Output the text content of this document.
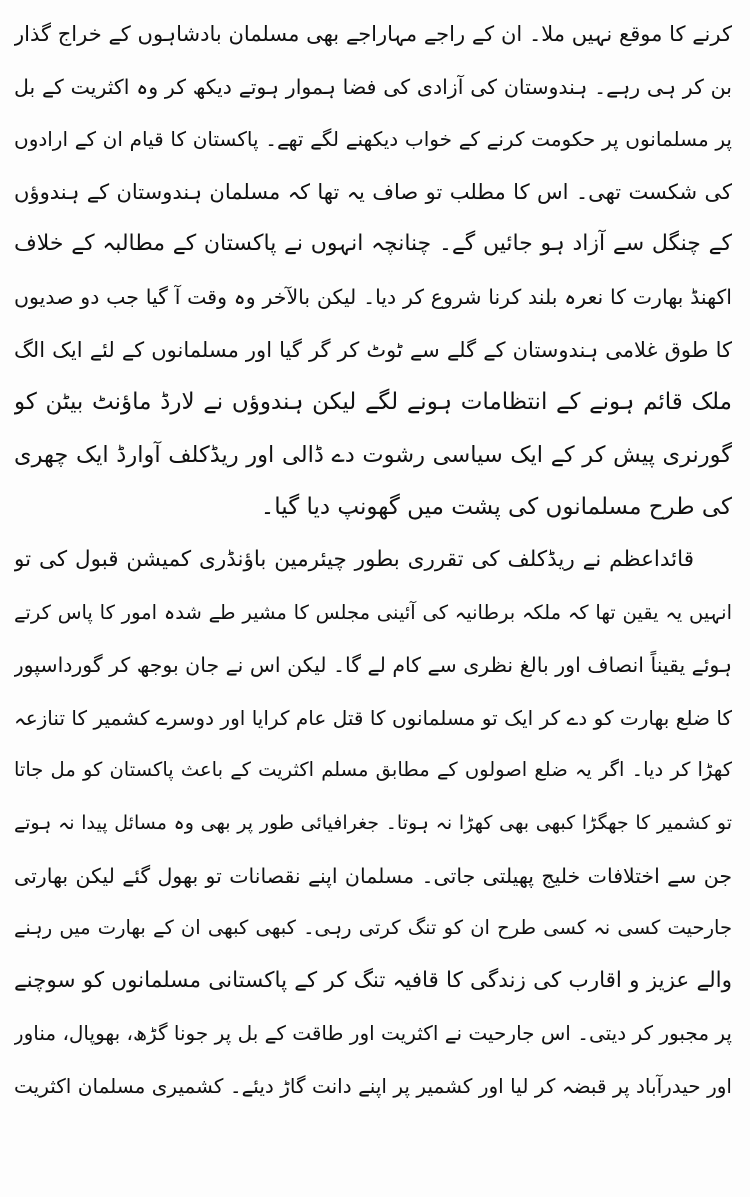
کرنے کا موقع نہیں ملا۔ ان کے راجے مہاراجے بھی مسلمان بادشاہوں کے خراج گذار
بن کر ہی رہے۔ ہندوستان کی آزادی کی فضا ہموار ہوتے دیکھ کر وہ اکثریت کے بل
پر مسلمانوں پر حکومت کرنے کے خواب دیکھنے لگے تھے۔ پاکستان کا قیام ان کے ارادوں
کی شکست تھی۔ اس کا مطلب تو صاف یہ تھا کہ مسلمان ہندوستان کے ہندوؤں
کے چنگل سے آزاد ہو جائیں گے۔ چنانچہ انہوں نے پاکستان کے مطالبہ کے خلاف
اکھنڈ بھارت کا نعرہ بلند کرنا شروع کر دیا۔ لیکن بالآخر وہ وقت آ گیا جب دو صدیوں
کا طوق غلامی ہندوستان کے گلے سے ٹوٹ کر گر گیا اور مسلمانوں کے لئے ایک الگ
ملک قائم ہونے کے انتظامات ہونے لگے لیکن ہندوؤں نے لارڈ ماؤنٹ بیٹن کو
گورنری پیش کر کے ایک سیاسی رشوت دے ڈالی اور ریڈکلف آوارڈ ایک چھری
کی طرح مسلمانوں کی پشت میں گھونپ دیا گیا۔
قائداعظم نے ریڈکلف کی تقرری بطور چیئرمین باؤنڈری کمیشن قبول کی تو
انہیں یہ یقین تھا کہ ملکہ برطانیہ کی آئینی مجلس کا مشیر طے شدہ امور کا پاس کرتے
ہوئے یقیناً انصاف اور بالغ نظری سے کام لے گا۔ لیکن اس نے جان بوجھ کر گورداسپور
کا ضلع بھارت کو دے کر ایک تو مسلمانوں کا قتل عام کرایا اور دوسرے کشمیر کا تنازعہ
کھڑا کر دیا۔ اگر یہ ضلع اصولوں کے مطابق مسلم اکثریت کے باعث پاکستان کو مل جاتا
تو کشمیر کا جھگڑا کبھی بھی کھڑا نہ ہوتا۔ جغرافیائی طور پر بھی وہ مسائل پیدا نہ ہوتے
جن سے اختلافات خلیج پھیلتی جاتی۔ مسلمان اپنے نقصانات تو بھول گئے لیکن بھارتی
جارحیت کسی نہ کسی طرح ان کو تنگ کرتی رہی۔ کبھی کبھی ان کے بھارت میں رہنے
والے عزیز و اقارب کی زندگی کا قافیہ تنگ کر کے پاکستانی مسلمانوں کو سوچنے
پر مجبور کر دیتی۔ اس جارحیت نے اکثریت اور طاقت کے بل پر جونا گڑھ، بھوپال، مناور
اور حیدرآباد پر قبضہ کر لیا اور کشمیر پر اپنے دانت گاڑ دیئے۔ کشمیری مسلمان اکثریت
